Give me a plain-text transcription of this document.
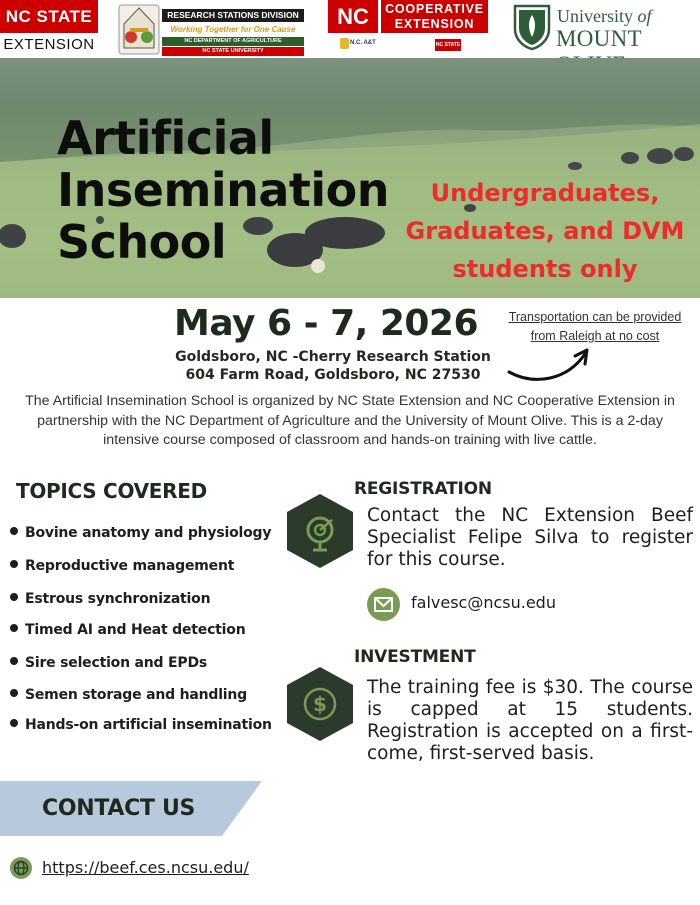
NC STATE
EXTENSION
RESEARCH STATIONS DIVISION
Working Together for One Cause
NC DEPARTMENT OF AGRICULTURE
NC STATE UNIVERSITY
NC	COOPERATIVE
EXTENSION
N.C. A&T	NC STATE
University of
MOUNT
Artificial
Insemination
School
Undergraduates,
Graduates, and DVM
students only
May 6 - 7, 2026
Goldsboro, NC -Cherry Research Station
604 Farm Road, Goldsboro, NC 27530
Transportation can be provided
from Raleigh at no cost
The Artificial Insemination School is organized by NC State Extension and NC Cooperative Extension in partnership with the NC Department of Agriculture and the University of Mount Olive. This is a 2-day intensive course composed of classroom and hands-on training with live cattle.
TOPICS COVERED
Bovine anatomy and physiology
Reproductive management
Estrous synchronization
Timed AI and Heat detection
Sire selection and EPDs
Semen storage and handling
Hands-on artificial insemination
REGISTRATION
Contact the NC Extension Beef Specialist Felipe Silva to register for this course.
falvesc@ncsu.edu
INVESTMENT
$
The training fee is $30. The course is capped at 15 students. Registration is accepted on a first-come, first-served basis.
CONTACT US
https://beef.ces.ncsu.edu/
